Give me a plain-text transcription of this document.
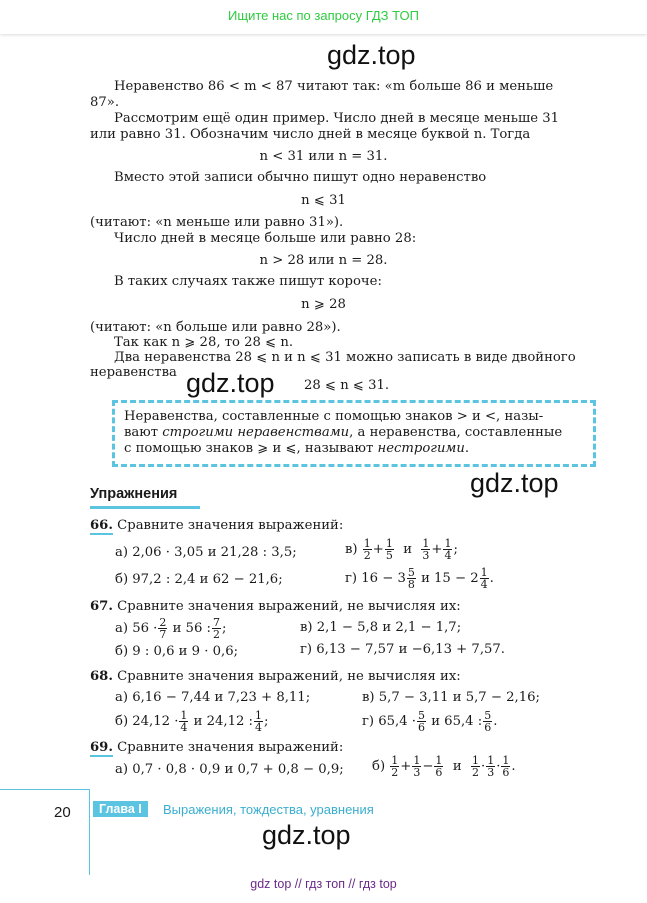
Ищите нас по запросу ГДЗ ТОП
gdz.top
Неравенство 86 < m < 87 читают так: «m больше 86 и меньше
87».
Рассмотрим ещё один пример. Число дней в месяце меньше 31
или равно 31. Обозначим число дней в месяце буквой n. Тогда
n < 31 или n = 31.
Вместо этой записи обычно пишут одно неравенство
n ⩽ 31
(читают: «n меньше или равно 31»).
Число дней в месяце больше или равно 28:
n > 28 или n = 28.
В таких случаях также пишут короче:
n ⩾ 28
(читают: «n больше или равно 28»).
Так как n ⩾ 28, то 28 ⩽ n.
Два неравенства 28 ⩽ n и n ⩽ 31 можно записать в виде двойного
неравенства gdz.top 28 ⩽ n ⩽ 31.
Неравенства, составленные с помощью знаков > и <, назы-
вают строгими неравенствами, а неравенства, составленные
с помощью знаков ⩾ и ⩽, называют нестрогими.
gdz.top
Упражнения
66. Сравните значения выражений:
а) 2,06 · 3,05 и 21,28 : 3,5;	$в) \frac{1}{2} + \frac{1}{5}$ и $\frac{1}{3} + \frac{1}{4}$ ;
б) 97,2 : 2,4 и 62 − 21,6;	г) $16 - 3 \frac{5}{8}$ и $15 - 2 \frac{1}{4}$ .
67. Сравните значения выражений, не вычисляя их:
а) $56 \cdot \frac{2}{7}$ и 56 : $\frac{7}{2}$ ;	в) 2,1 − 5,8 и 2,1 − 1,7;
б) 9 : 0,6 и 9 · 0,6;	г) 6,13 − 7,57 и −6,13 + 7,57.
68. Сравните значения выражений, не вычисляя их:
а) 6,16 − 7,44 и 7,23 + 8,11;	в) 5,7 − 3,11 и 5,7 − 2,16;
б) $24,12 \cdot \frac{1}{4}$ и 24,12 : $\frac{1}{4}$ ;	г) $65,4 \cdot \frac{5}{6}$ и 65,4 : $\frac{5}{6}$ .
69. Сравните значения выражений:
а) 0,7 · 0,8 · 0,9 и 0,7 + 0,8 − 0,9; $б) \frac{1}{2} + \frac{1}{3} - \frac{1}{6}$ и $\frac{1}{2} \cdot \frac{1}{3} \cdot \frac{1}{6}$ .
20	Глава I	Выражения, тождества, уравнения
gdz.top
gdz top // гдз топ // гдз top
